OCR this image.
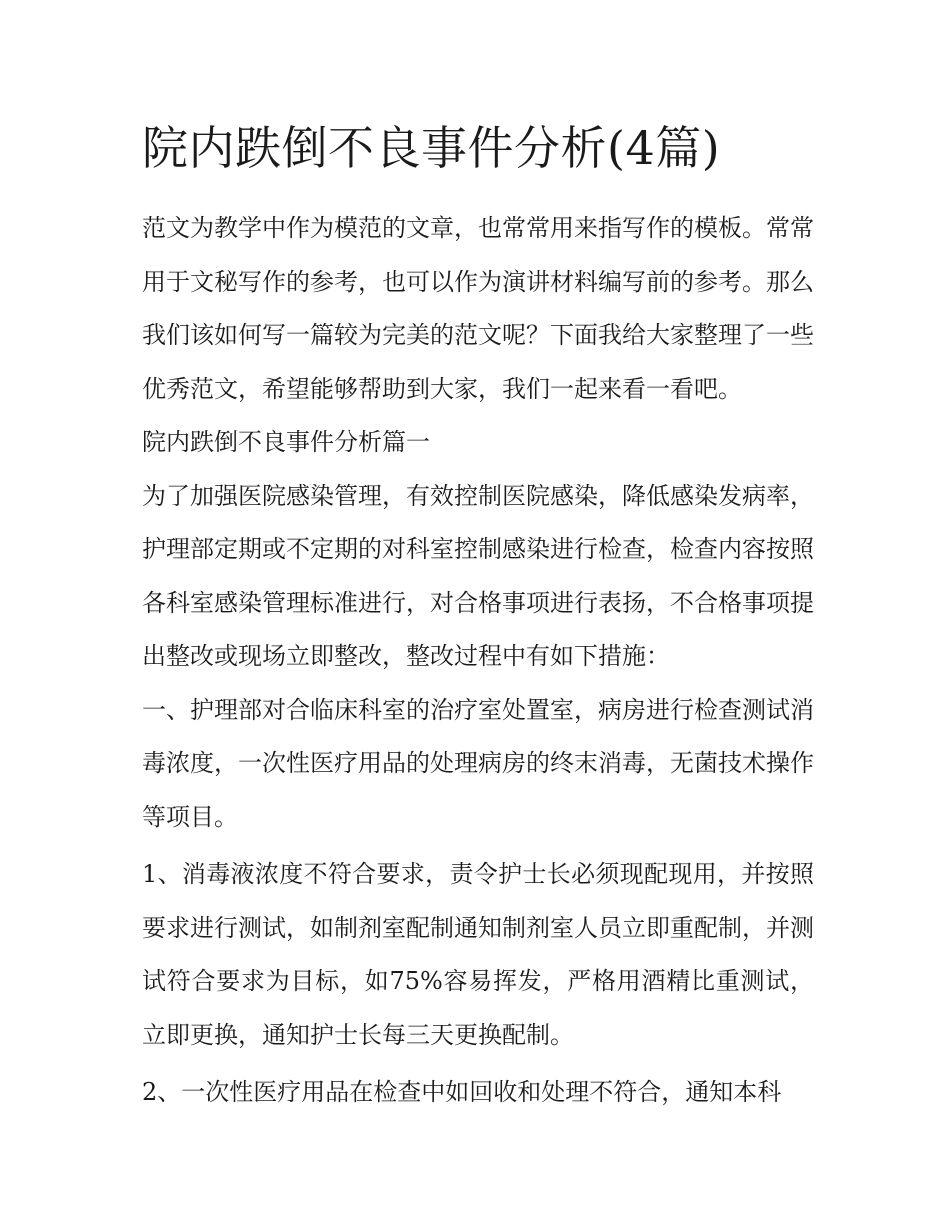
院内跌倒不良事件分析(4篇)

范文为教学中作为模范的文章，也常常用来指写作的模板。常常用于文秘写作的参考，也可以作为演讲材料编写前的参考。那么我们该如何写一篇较为完美的范文呢？下面我给大家整理了一些优秀范文，希望能够帮助到大家，我们一起来看一看吧。

院内跌倒不良事件分析篇一

为了加强医院感染管理，有效控制医院感染，降低感染发病率，护理部定期或不定期的对科室控制感染进行检查，检查内容按照各科室感染管理标准进行，对合格事项进行表扬，不合格事项提出整改或现场立即整改，整改过程中有如下措施：

一、护理部对合临床科室的治疗室处置室，病房进行检查测试消毒浓度，一次性医疗用品的处理病房的终末消毒，无菌技术操作等项目。

1、消毒液浓度不符合要求，责令护士长必须现配现用，并按照要求进行测试，如制剂室配制通知制剂室人员立即重配制，并测试符合要求为目标，如75%容易挥发，严格用酒精比重测试，立即更换，通知护士长每三天更换配制。

2、一次性医疗用品在检查中如回收和处理不符合，通知本科
